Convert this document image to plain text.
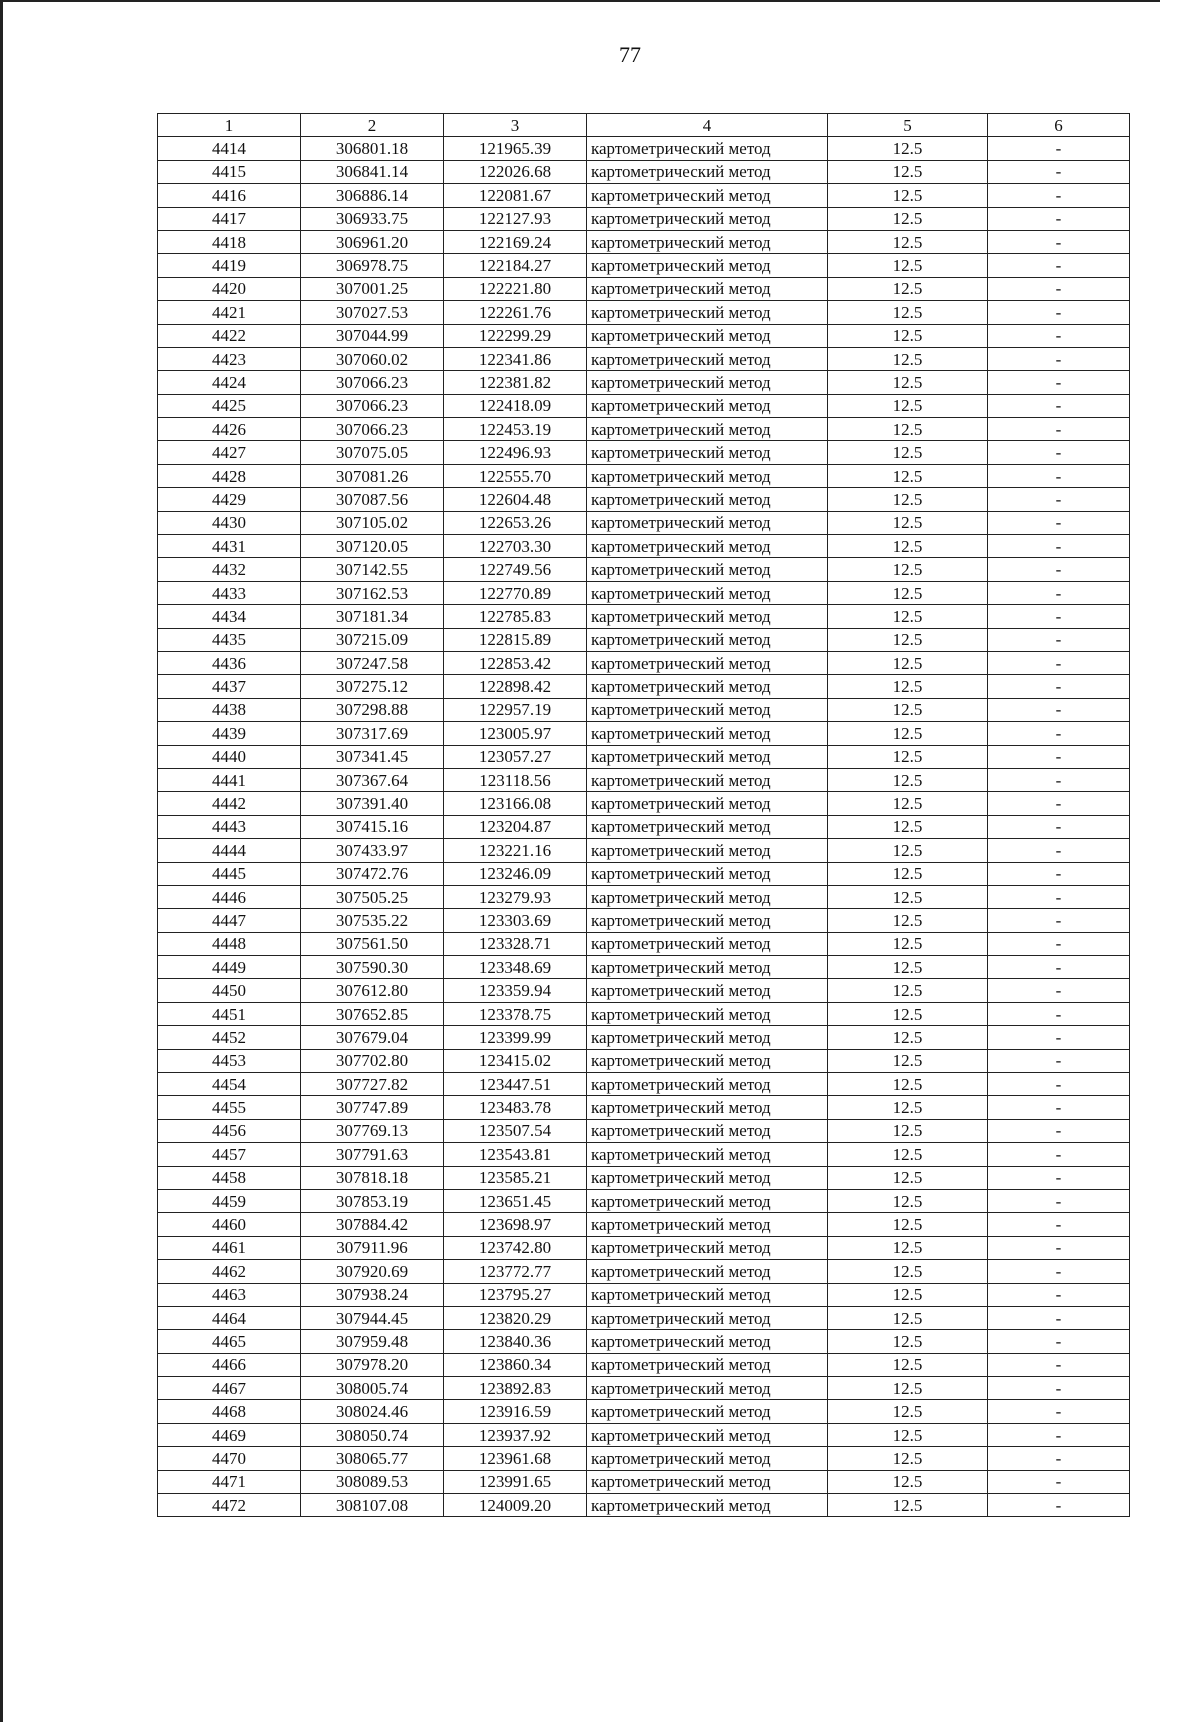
77
1	2	3	4	5	6
4414	306801.18	121965.39	картометрический метод	12.5	-
4415	306841.14	122026.68	картометрический метод	12.5	-
4416	306886.14	122081.67	картометрический метод	12.5	-
4417	306933.75	122127.93	картометрический метод	12.5	-
4418	306961.20	122169.24	картометрический метод	12.5	-
4419	306978.75	122184.27	картометрический метод	12.5	-
4420	307001.25	122221.80	картометрический метод	12.5	-
4421	307027.53	122261.76	картометрический метод	12.5	-
4422	307044.99	122299.29	картометрический метод	12.5	-
4423	307060.02	122341.86	картометрический метод	12.5	-
4424	307066.23	122381.82	картометрический метод	12.5	-
4425	307066.23	122418.09	картометрический метод	12.5	-
4426	307066.23	122453.19	картометрический метод	12.5	-
4427	307075.05	122496.93	картометрический метод	12.5	-
4428	307081.26	122555.70	картометрический метод	12.5	-
4429	307087.56	122604.48	картометрический метод	12.5	-
4430	307105.02	122653.26	картометрический метод	12.5	-
4431	307120.05	122703.30	картометрический метод	12.5	-
4432	307142.55	122749.56	картометрический метод	12.5	-
4433	307162.53	122770.89	картометрический метод	12.5	-
4434	307181.34	122785.83	картометрический метод	12.5	-
4435	307215.09	122815.89	картометрический метод	12.5	-
4436	307247.58	122853.42	картометрический метод	12.5	-
4437	307275.12	122898.42	картометрический метод	12.5	-
4438	307298.88	122957.19	картометрический метод	12.5	-
4439	307317.69	123005.97	картометрический метод	12.5	-
4440	307341.45	123057.27	картометрический метод	12.5	-
4441	307367.64	123118.56	картометрический метод	12.5	-
4442	307391.40	123166.08	картометрический метод	12.5	-
4443	307415.16	123204.87	картометрический метод	12.5	-
4444	307433.97	123221.16	картометрический метод	12.5	-
4445	307472.76	123246.09	картометрический метод	12.5	-
4446	307505.25	123279.93	картометрический метод	12.5	-
4447	307535.22	123303.69	картометрический метод	12.5	-
4448	307561.50	123328.71	картометрический метод	12.5	-
4449	307590.30	123348.69	картометрический метод	12.5	-
4450	307612.80	123359.94	картометрический метод	12.5	-
4451	307652.85	123378.75	картометрический метод	12.5	-
4452	307679.04	123399.99	картометрический метод	12.5	-
4453	307702.80	123415.02	картометрический метод	12.5	-
4454	307727.82	123447.51	картометрический метод	12.5	-
4455	307747.89	123483.78	картометрический метод	12.5	-
4456	307769.13	123507.54	картометрический метод	12.5	-
4457	307791.63	123543.81	картометрический метод	12.5	-
4458	307818.18	123585.21	картометрический метод	12.5	-
4459	307853.19	123651.45	картометрический метод	12.5	-
4460	307884.42	123698.97	картометрический метод	12.5	-
4461	307911.96	123742.80	картометрический метод	12.5	-
4462	307920.69	123772.77	картометрический метод	12.5	-
4463	307938.24	123795.27	картометрический метод	12.5	-
4464	307944.45	123820.29	картометрический метод	12.5	-
4465	307959.48	123840.36	картометрический метод	12.5	-
4466	307978.20	123860.34	картометрический метод	12.5	-
4467	308005.74	123892.83	картометрический метод	12.5	-
4468	308024.46	123916.59	картометрический метод	12.5	-
4469	308050.74	123937.92	картометрический метод	12.5	-
4470	308065.77	123961.68	картометрический метод	12.5	-
4471	308089.53	123991.65	картометрический метод	12.5	-
4472	308107.08	124009.20	картометрический метод	12.5	-
